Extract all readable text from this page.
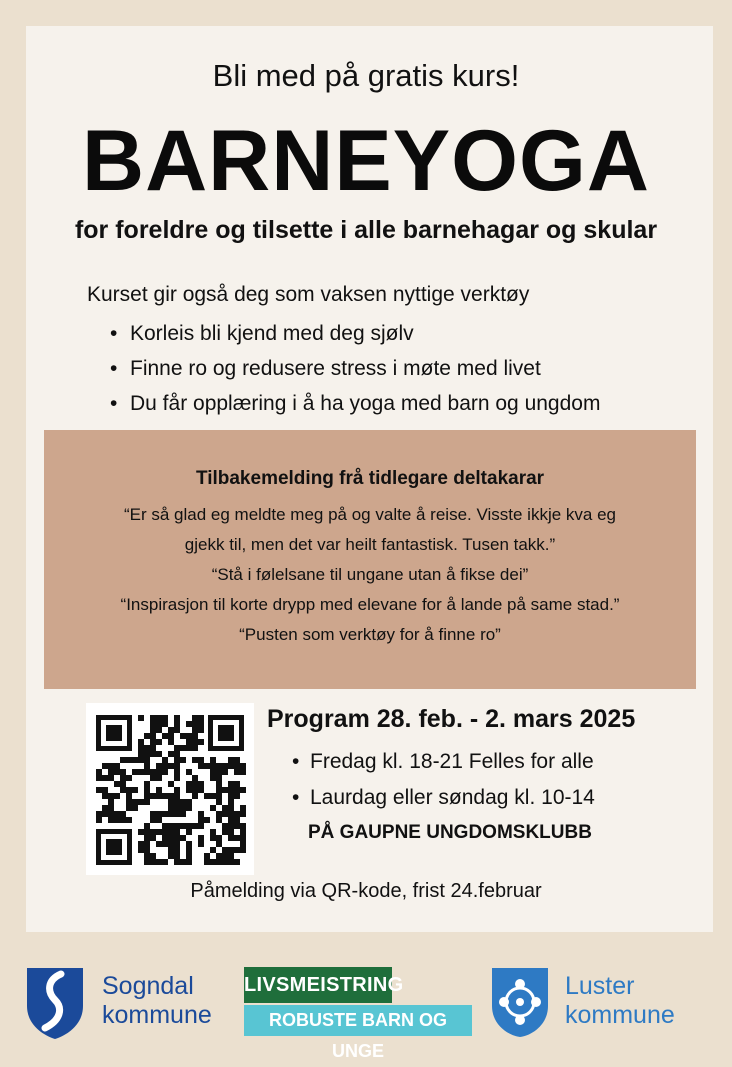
Bli med på gratis kurs!
BARNEYOGA
for foreldre og tilsette i alle barnehagar og skular
Kurset gir også deg som vaksen nyttige verktøy
• Korleis bli kjend med deg sjølv
• Finne ro og redusere stress i møte med livet
• Du får opplæring i å ha yoga med barn og ungdom
Tilbakemelding frå tidlegare deltakarar
“Er så glad eg meldte meg på og valte å reise. Visste ikkje kva eg
gjekk til, men det var heilt fantastisk. Tusen takk.”
“Stå i følelsane til ungane utan å fikse dei”
“Inspirasjon til korte drypp med elevane for å lande på same stad.”
“Pusten som verktøy for å finne ro”
Program 28. feb. - 2. mars 2025
• Fredag kl. 18-21 Felles for alle
• Laurdag eller søndag kl. 10-14
PÅ GAUPNE UNGDOMSKLUBB
Påmelding via QR-kode, frist 24.februar
Sogndal
kommune
LIVSMEISTRING
ROBUSTE BARN OG UNGE
Luster
kommune
